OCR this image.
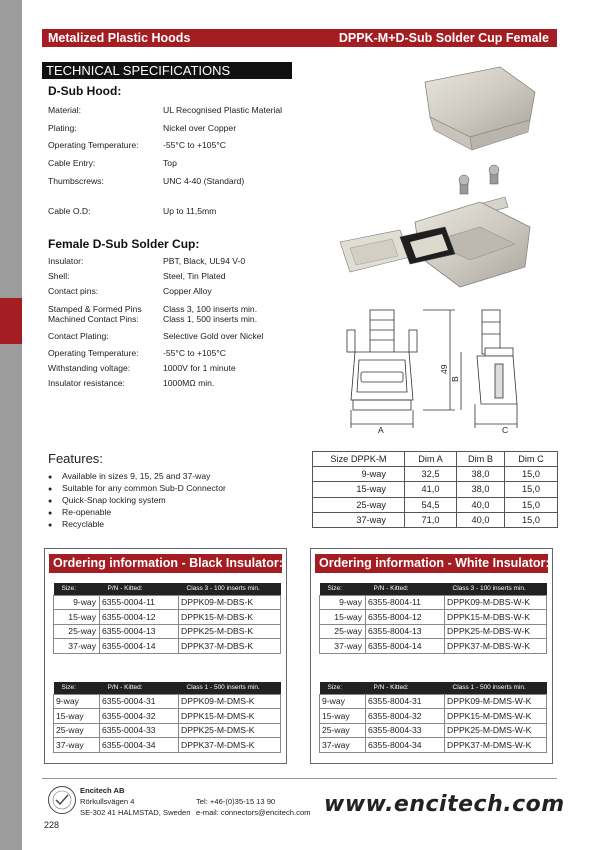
Metalized Plastic Hoods	DPPK-M+D-Sub Solder Cup Female
TECHNICAL SPECIFICATIONS
D-Sub Hood:
Material:	UL Recognised Plastic Material
Plating:	Nickel over Copper
Operating Temperature:	-55°C to +105°C
Cable Entry:	Top
Thumbscrews:	UNC 4-40 (Standard)
Cable O.D:	Up to 11,5mm
Female D-Sub Solder Cup:
Insulator:	PBT, Black, UL94 V-0
Shell:	Steel, Tin Plated
Contact pins:	Copper Alloy
Stamped & Formed Pins Class 3, 100 inserts min.
Machined Contact Pins:	Class 1, 500 inserts min.
Contact Plating:	Selective Gold over Nickel
Operating Temperature:	-55°C to +105°C
Withstanding voltage:	1000V for 1 minute
Insulator resistance:	1000MΩ min.
A
49
B
C
Features:
● Available in sizes 9, 15, 25 and 37-way
● Suitable for any common Sub-D Connector
● Quick-Snap locking system
● Re-openable
● Recyclable
Size DPPK-M	Dim A	Dim B	Dim C
9-way	32,5	38,0	15,0
15-way	41,0	38,0	15,0
25-way	54,5	40,0	15,0
37-way	71,0	40,0	15,0
Ordering information - Black Insulator:
Size:	P/N - Kitted:	Class 3 - 100 inserts min.
9-way	6355-0004-11	DPPK09-M-DBS-K
15-way	6355-0004-12	DPPK15-M-DBS-K
25-way	6355-0004-13	DPPK25-M-DBS-K
37-way	6355-0004-14	DPPK37-M-DBS-K
Size:	P/N - Kitted:	Class 1 - 500 inserts min.
9-way	6355-0004-31	DPPK09-M-DMS-K
15-way	6355-0004-32	DPPK15-M-DMS-K
25-way	6355-0004-33	DPPK25-M-DMS-K
37-way	6355-0004-34	DPPK37-M-DMS-K
Ordering information - White Insulator:
Size:	P/N - Kitted:	Class 3 - 100 inserts min.
9-way	6355-8004-11	DPPK09-M-DBS-W-K
15-way	6355-8004-12	DPPK15-M-DBS-W-K
25-way	6355-8004-13	DPPK25-M-DBS-W-K
37-way	6355-8004-14	DPPK37-M-DBS-W-K
Size:	P/N - Kitted:	Class 1 - 500 inserts min.
9-way	6355-8004-31	DPPK09-M-DMS-W-K
15-way	6355-8004-32	DPPK15-M-DMS-W-K
25-way	6355-8004-33	DPPK25-M-DMS-W-K
37-way	6355-8004-34	DPPK37-M-DMS-W-K
Encitech AB
Rörkullsvägen 4
SE-302 41 HALMSTAD, Sweden
Tel: +46-(0)35-15 13 90
e-mail: connectors@encitech.com www.encitech.com
228
